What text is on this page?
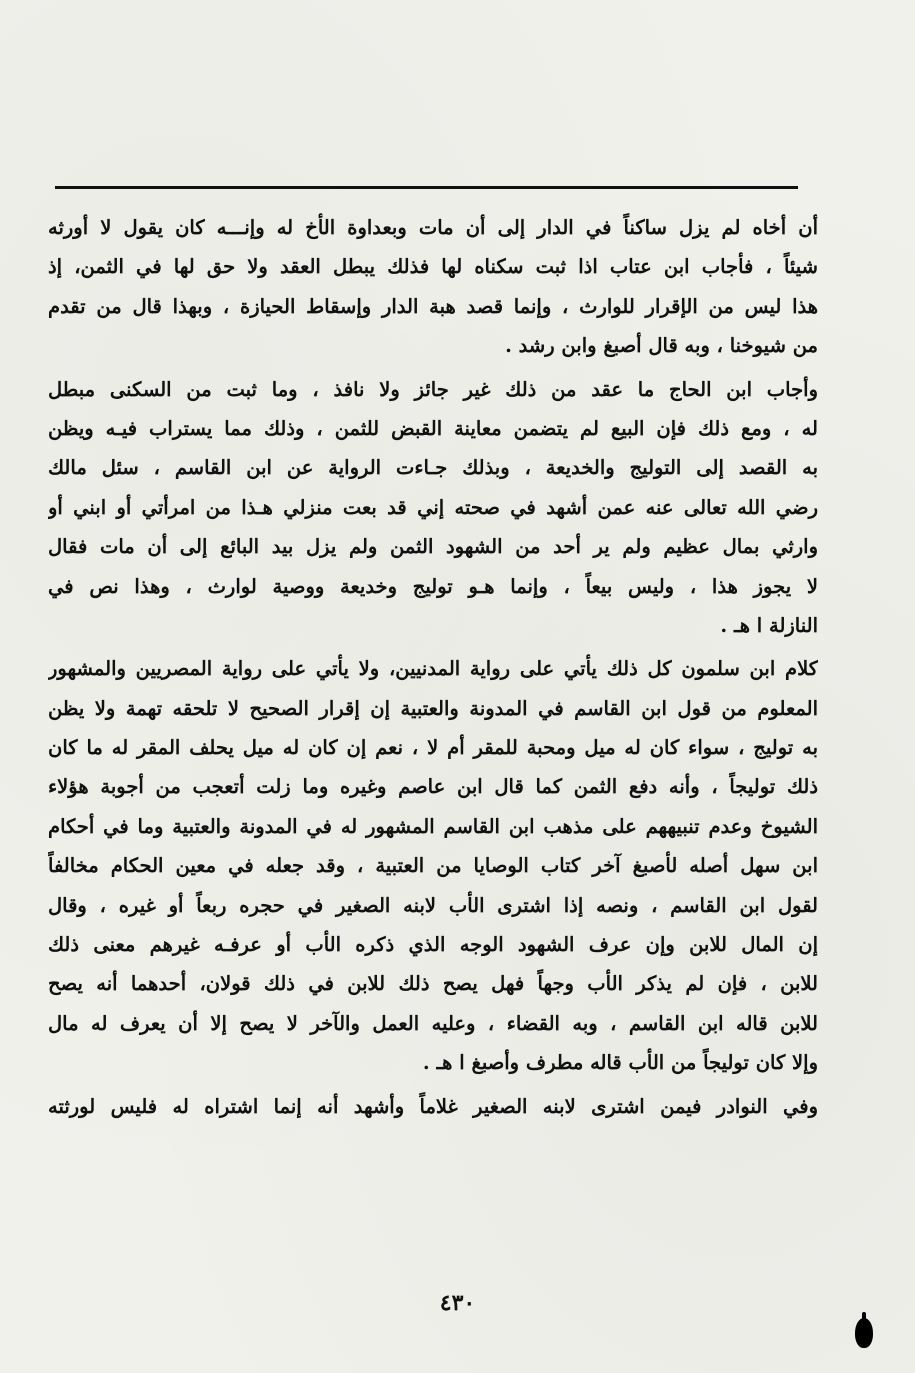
أن أخاه لم يزل ساكناً في الدار إلى أن مات وبعداوة الأخ له وإنـــه كان يقول لا أورثه
شيئاً ، فأجاب ابن عتاب اذا ثبت سكناه لها فذلك يبطل العقد ولا حق لها في الثمن، إذ
هذا ليس من الإقرار للوارث ، وإنما قصد هبة الدار وإسقاط الحيازة ، وبهذا قال من تقدم
من شيوخنا ، وبه قال أصبغ وابن رشد .
وأجاب ابن الحاج ما عقد من ذلك غير جائز ولا نافذ ، وما ثبت من السكنى مبطل
له ، ومع ذلك فإن البيع لم يتضمن معاينة القبض للثمن ، وذلك مما يستراب فيـه ويظن
به القصد إلى التوليج والخديعة ، وبذلك جـاءت الرواية عن ابن القاسم ، سئل مالك
رضي الله تعالى عنه عمن أشهد في صحته إني قد بعت منزلي هـذا من امرأتي أو ابني أو
وارثي بمال عظيم ولم ير أحد من الشهود الثمن ولم يزل بيد البائع إلى أن مات فقال
لا يجوز هذا ، وليس بيعاً ، وإنما هـو توليج وخديعة ووصية لوارث ، وهذا نص في
النازلة ا هـ .
كلام ابن سلمون كل ذلك يأتي على رواية المدنيين، ولا يأتي على رواية المصريين والمشهور
المعلوم من قول ابن القاسم في المدونة والعتبية إن إقرار الصحيح لا تلحقه تهمة ولا يظن
به توليج ، سواء كان له ميل ومحبة للمقر أم لا ، نعم إن كان له ميل يحلف المقر له ما كان
ذلك توليجاً ، وأنه دفع الثمن كما قال ابن عاصم وغيره وما زلت أتعجب من أجوبة هؤلاء
الشيوخ وعدم تنبيههم على مذهب ابن القاسم المشهور له في المدونة والعتبية وما في أحكام
ابن سهل أصله لأصبغ آخر كتاب الوصايا من العتبية ، وقد جعله في معين الحكام مخالفاً
لقول ابن القاسم ، ونصه إذا اشترى الأب لابنه الصغير في حجره ربعاً أو غيره ، وقال
إن المال للابن وإن عرف الشهود الوجه الذي ذكره الأب أو عرفـه غيرهم معنى ذلك
للابن ، فإن لم يذكر الأب وجهاً فهل يصح ذلك للابن في ذلك قولان، أحدهما أنه يصح
للابن قاله ابن القاسم ، وبه القضاء ، وعليه العمل والآخر لا يصح إلا أن يعرف له مال
وإلا كان توليجاً من الأب قاله مطرف وأصبغ ا هـ .
وفي النوادر فيمن اشترى لابنه الصغير غلاماً وأشهد أنه إنما اشتراه له فليس لورثته
٤٣٠
